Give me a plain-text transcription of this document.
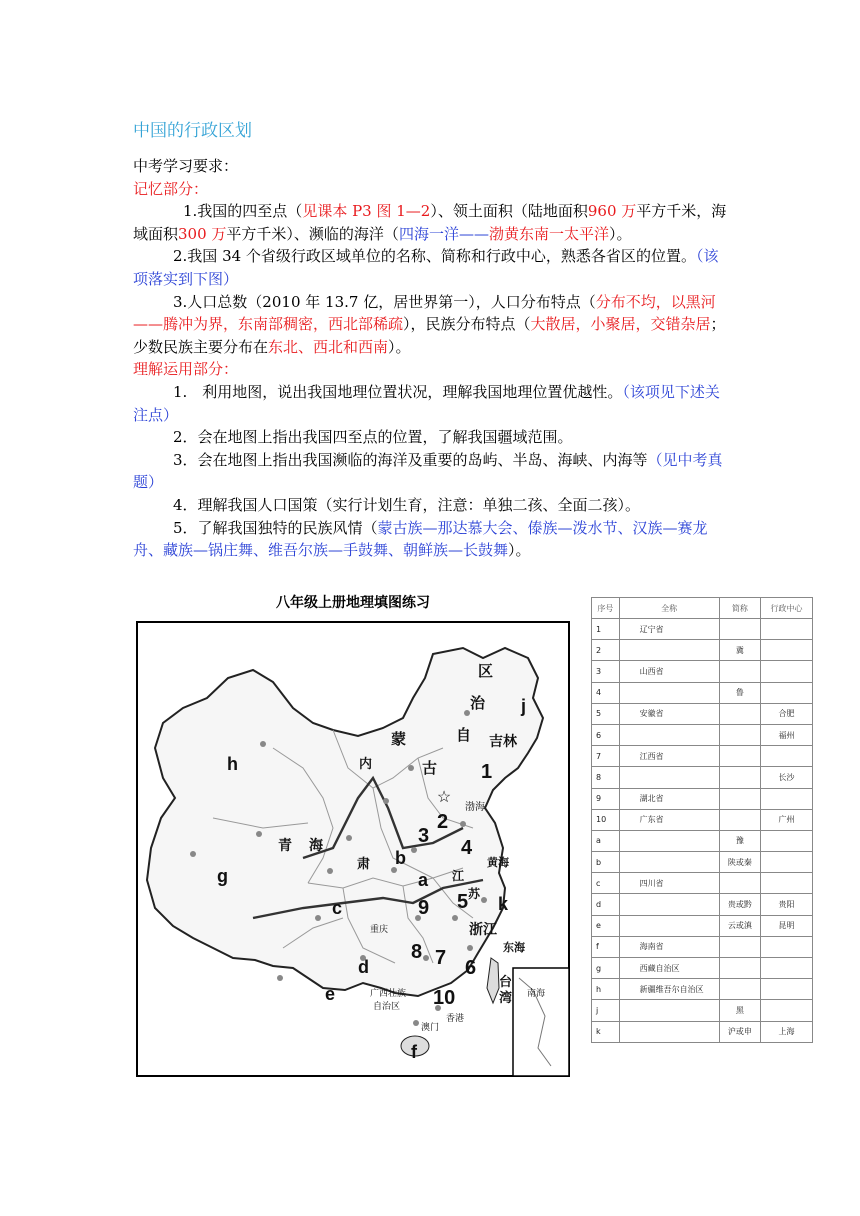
中国的行政区划

中考学习要求：

记忆部分：

1.我国的四至点（见课本 P3 图 1—2）、领土面积（陆地面积960 万平方千米，海域面积300 万平方千米）、濒临的海洋（四海一洋——渤黄东南一太平洋）。

2.我国 34 个省级行政区域单位的名称、简称和行政中心，熟悉各省区的位置。（该项落实到下图）

3.人口总数（2010 年 13.7 亿，居世界第一），人口分布特点（分布不均，以黑河——腾冲为界，东南部稠密，西北部稀疏），民族分布特点（大散居，小聚居，交错杂居；少数民族主要分布在东北、西北和西南）。

理解运用部分：

1.　利用地图，说出我国地理位置状况，理解我国地理位置优越性。（该项见下述关注点）

2．会在地图上指出我国四至点的位置，了解我国疆域范围。

3．会在地图上指出我国濒临的海洋及重要的岛屿、半岛、海峡、内海等（见中考真题）

4．理解我国人口国策（实行计划生育，注意：单独二孩、全面二孩）。

5．了解我国独特的民族风情（蒙古族—那达慕大会、傣族—泼水节、汉族—赛龙舟、藏族—锅庄舞、维吾尔族—手鼓舞、朝鲜族—长鼓舞）。

八年级上册地理填图练习
☆
区
治 j
自 吉林
古 1
h
蒙
内
2
渤海
青 海
肃
3
4
b	黄海
g	江
a
5 k
苏
c	9
浙江
重庆
东海
d
8 7 6
e	广西壮族
自治区 10
香港
澳门
台
湾 南海
f
序号	全称	简称	行政中心
1	辽宁省		
2		冀	
3	山西省		
4		鲁	
5	安徽省		合肥
6			福州
7	江西省		
8			长沙
9	湖北省		
10	广东省		广州
a		豫	
b		陕或秦	
c	四川省		
d		贵或黔	贵阳
e		云或滇	昆明
f	海南省		
g	西藏自治区		
h	新疆维吾尔自治区		
j		黑	
k		沪或申	上海
